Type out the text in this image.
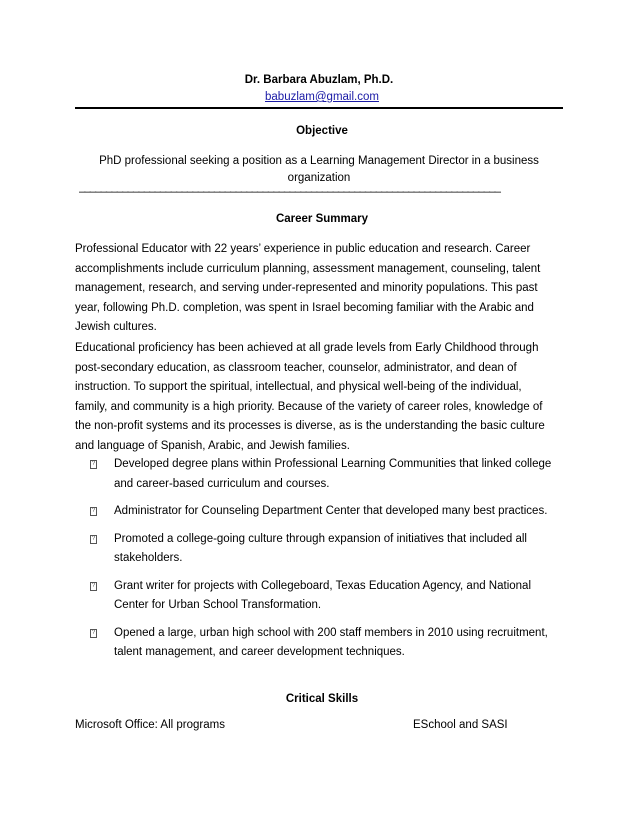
Dr. Barbara Abuzlam, Ph.D.
babuzlam@gmail.com
Objective
PhD professional seeking a position as a Learning Management Director in a business organization
______________________________________________________________________________
Career Summary
Professional Educator with 22 years’ experience in public education and research. Career accomplishments include curriculum planning, assessment management, counseling, talent management, research, and serving under-represented and minority populations. This past year, following Ph.D. completion, was spent in Israel becoming familiar with the Arabic and Jewish cultures.
Educational proficiency has been achieved at all grade levels from Early Childhood through post-secondary education, as classroom teacher, counselor, administrator, and dean of instruction. To support the spiritual, intellectual, and physical well-being of the individual, family, and community is a high priority. Because of the variety of career roles, knowledge of the non-profit systems and its processes is diverse, as is the understanding the basic culture and language of Spanish, Arabic, and Jewish families.
? Developed degree plans within Professional Learning Communities that linked college and career-based curriculum and courses.
? Administrator for Counseling Department Center that developed many best practices.
? Promoted a college-going culture through expansion of initiatives that included all stakeholders.
? Grant writer for projects with Collegeboard, Texas Education Agency, and National Center for Urban School Transformation.
? Opened a large, urban high school with 200 staff members in 2010 using recruitment, talent management, and career development techniques.
Critical Skills
Microsoft Office: All programs	ESchool and SASI
